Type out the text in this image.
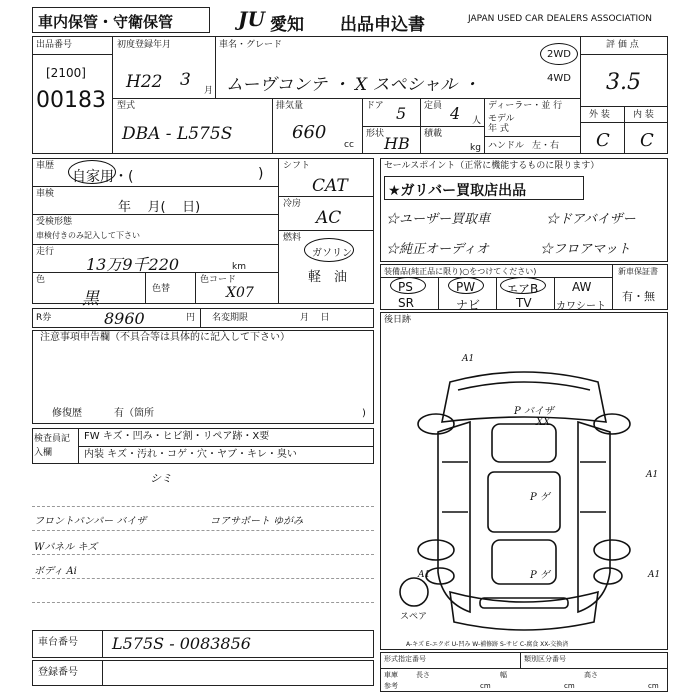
車内保管・守衛保管	JU 愛知 出品申込書	JAPAN USED CAR DEALERS ASSOCIATION
出品番号
[2100]
00183
初度登録年月
H22 3
月
車名・グレード
ムーヴコンテ ・ X スペシャル ・
2WD
4WD
評 価 点
3.5
外 装	内 装
C C
型式
DBA - L575S
排気量
660
cc
ドア 5 定員 4 人
形状 HB 積載
kg
ディーラー・並 行
モデル
年 式
ハンドル 左・右
車歴
自家用・(	)
車検
年    月(    日)
受検形態
車検付きのみ記入して下さい
走行
13万9千220	km
色
黒	色替
色コード
X07
R券	8960	円 名変期限	月    日
シフト
CAT
冷房
AC
燃料
ガソリン
軽　油
セールスポイント（正常に機能するものに限ります）
★ガリバー買取店出品
☆ユーザー買取車	☆ドアバイザー
☆純正オーディオ	☆フロアマット
装備品(純正品に限り)○をつけてください)
PS	PW	エアB	AW
SR	ナビ	TV カワシート
新車保証書
有・無
注意事項申告欄（不具合等は具体的に記入して下さい）
修復歴	有（箇所	)
検査員記入欄
FW キズ・凹み・ヒビ割・リペア跡・X要
内装 キズ・汚れ・コゲ・穴・ヤブ・キレ・臭い
シミ
フロントバンパー バイザ	コアサポート ゆがみ
Wパネル キズ
ボディ Ai
後日跡
A1
P バイザ
XX
P ゲ
A1
A1
P ゲ	A1
スペア
A-キズ E-エクボ U-凹み W-補修跡 S-サビ C-腐食 XX-交換済
車台番号 L575S - 0083856
登録番号
形式指定番号	類別区分番号
車庫	長さ	幅	高さ
cm	cm	cm
参考
